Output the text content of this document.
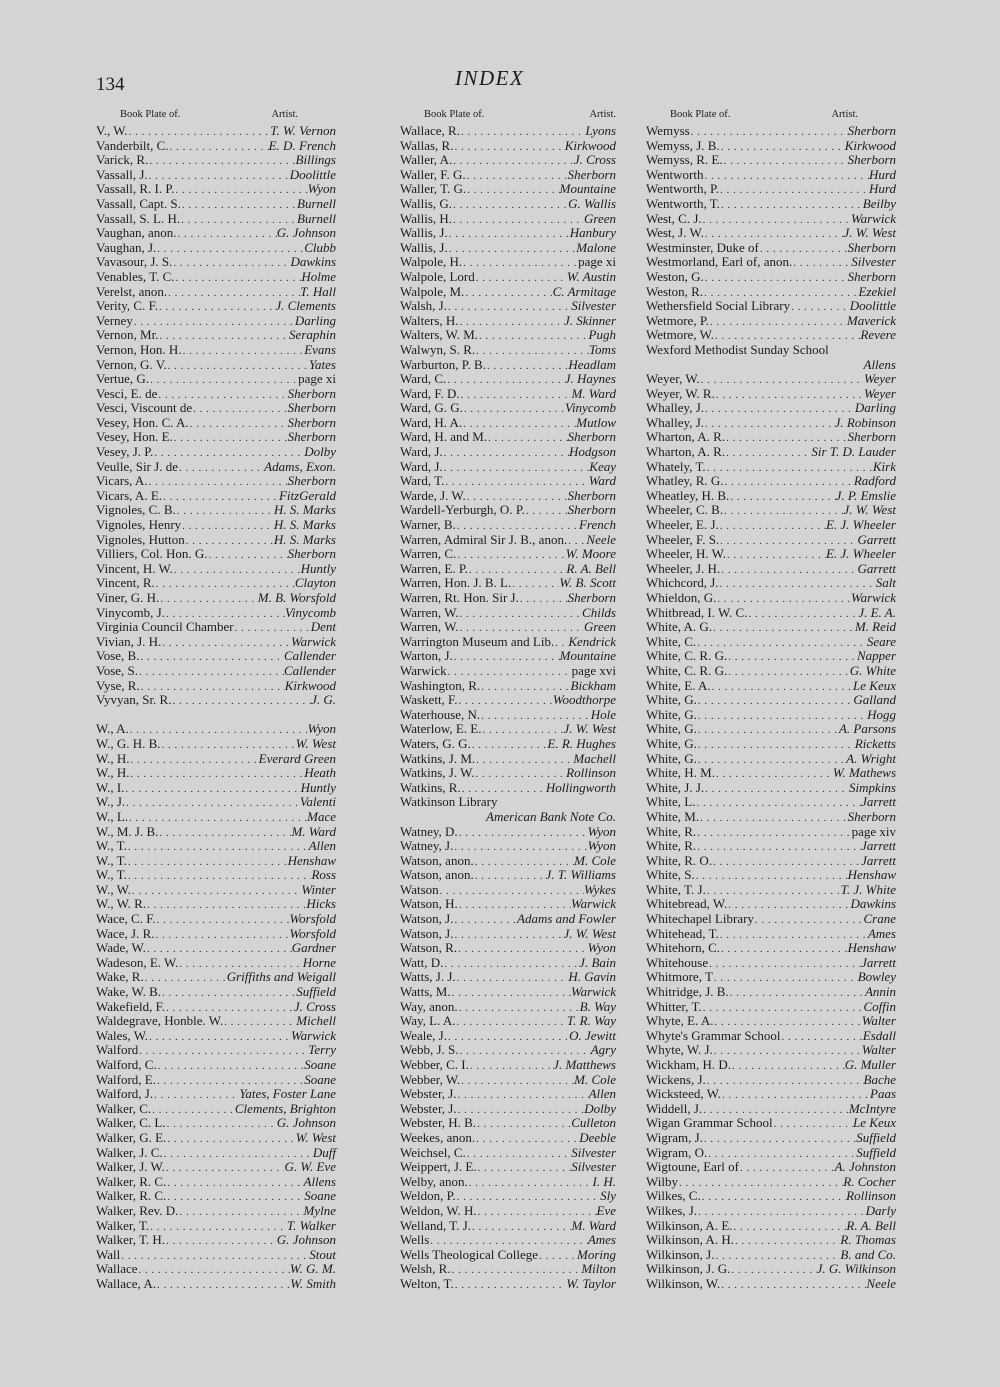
134	INDEX
Book Plate of.	Artist.
V., W. . . .	T. W. Vernon
Vanderbilt, C. . . .	E. D. French
Varick, R. . . .	Billings
Vassall, J. . . .	Doolittle
Vassall, R. I. P. . . .	Wyon
Vassall, Capt. S. . . .	Burnell
Vassall, S. L. H. . . .	Burnell
Vaughan, anon. . . .	G. Johnson
Vaughan, J. . . .	Clubb
Vavasour, J. S. . . .	Dawkins
Venables, T. C. . . .	Holme
Verelst, anon. . . .	T. Hall
Verity, C. F. . . .	J. Clements
Verney . . .	Darling
Vernon, Mr. . . .	Seraphin
Vernon, Hon. H. . . .	Evans
Vernon, G. V. . . .	Yates
Vertue, G. . . .	page xi
Vesci, E. de . . .	Sherborn
Vesci, Viscount de . . .	Sherborn
Vesey, Hon. C. A. . . .	Sherborn
Vesey, Hon. E. . . .	Sherborn
Vesey, J. P. . . .	Dolby
Veulle, Sir J. de . . .	Adams, Exon.
Vicars, A. . . .	Sherborn
Vicars, A. E. . . .	FitzGerald
Vignoles, C. B. . . .	H. S. Marks
Vignoles, Henry . . .	H. S. Marks
Vignoles, Hutton . . .	H. S. Marks
Villiers, Col. Hon. G. . . .	Sherborn
Vincent, H. W. . . .	Huntly
Vincent, R. . . .	Clayton
Viner, G. H. . . .	M. B. Worsfold
Vinycomb, J. . . .	Vinycomb
Virginia Council Chamber . . .	Dent
Vivian, J. H. . . .	Warwick
Vose, B. . . .	Callender
Vose, S. . . .	Callender
Vyse, R. . . .	Kirkwood
Vyvyan, Sr. R. . . .	J. G.
W., A. . . .	Wyon
W., G. H. B. . . .	W. West
W., H. . . .	Everard Green
W., H. . . .	Heath
W., I. . . .	Huntly
W., J. . . .	Valenti
W., L. . . .	Mace
W., M. J. B. . . .	M. Ward
W., T. . . .	Allen
W., T. . . .	Henshaw
W., T. . . .	Ross
W., W. . . .	Winter
W., W. R. . . .	Hicks
Wace, C. F. . . .	Worsfold
Wace, J. R. . . .	Worsfold
Wade, W. . . .	Gardner
Wadeson, E. W. . . .	Horne
Wake, R. . . .	Griffiths and Weigall
Wake, W. B. . . .	Suffield
Wakefield, F. . . .	J. Cross
Waldegrave, Honble. W. . . .	Michell
Wales, W. . . .	Warwick
Walford . . .	Terry
Walford, C. . . .	Soane
Walford, E. . . .	Soane
Walford, J. . . .	Yates, Foster Lane
Walker, C. . . .	Clements, Brighton
Walker, C. L. . . .	G. Johnson
Walker, G. E. . . .	W. West
Walker, J. C. . . .	Duff
Walker, J. W. . . .	G. W. Eve
Walker, R. C. . . .	Allens
Walker, R. C. . . .	Soane
Walker, Rev. D. . . .	Mylne
Walker, T. . . .	T. Walker
Walker, T. H. . . .	G. Johnson
Wall . . .	Stout
Wallace . . .	W. G. M.
Wallace, A. . . .	W. Smith
Book Plate of.	Artist.
Wallace, R. . . .	Lyons
Wallas, R. . . .	Kirkwood
Waller, A. . . .	J. Cross
Waller, F. G. . . .	Sherborn
Waller, T. G. . . .	Mountaine
Wallis, G. . . .	G. Wallis
Wallis, H. . . .	Green
Wallis, J. . . .	Hanbury
Wallis, J. . . .	Malone
Walpole, H. . . .	page xi
Walpole, Lord . . .	W. Austin
Walpole, M. . . .	C. Armitage
Walsh, J. . . .	Silvester
Walters, H. . . .	J. Skinner
Walters, W. M. . . .	Pugh
Walwyn, S. R. . . .	Toms
Warburton, P. B. . . .	Headlam
Ward, C. . . .	J. Haynes
Ward, F. D. . . .	M. Ward
Ward, G. G. . . .	Vinycomb
Ward, H. A. . . .	Mutlow
Ward, H. and M. . . .	Sherborn
Ward, J. . . .	Hodgson
Ward, J. . . .	Keay
Ward, T. . . .	Ward
Warde, J. W. . . .	Sherborn
Wardell-Yerburgh, O. P. . . .	Sherborn
Warner, B. . . .	French
Warren, Admiral Sir J. B., anon. . . . Neele
Warren, C. . . .	W. Moore
Warren, E. P. . . .	R. A. Bell
Warren, Hon. J. B. L. . . .	W. B. Scott
Warren, Rt. Hon. Sir J. . . .	Sherborn
Warren, W. . . .	Childs
Warren, W. . . .	Green
Warrington Museum and Lib. . . . Kendrick
Warton, J. . . .	Mountaine
Warwick . . .	page xvi
Washington, R. . . .	Bickham
Waskett, F. . . .	Woodthorpe
Waterhouse, N. . . .	Hole
Waterlow, E. E. . . .	J. W. West
Waters, G. G. . . .	E. R. Hughes
Watkins, J. M. . . .	Machell
Watkins, J. W. . . .	Rollinson
Watkins, R. . . .	Hollingworth
Watkinson Library
American Bank Note Co.
Watney, D. . . .	Wyon
Watney, J. . . .	Wyon
Watson, anon. . . .	M. Cole
Watson, anon. . . .	J. T. Williams
Watson . . .	Wykes
Watson, H. . . .	Warwick
Watson, J. . . .	Adams and Fowler
Watson, J. . . .	J. W. West
Watson, R. . . .	Wyon
Watt, D. . . .	J. Bain
Watts, J. J. . . .	H. Gavin
Watts, M. . . .	Warwick
Way, anon. . . .	B. Way
Way, L. A. . . .	T. R. Way
Weale, J. . . .	O. Jewitt
Webb, J. S. . . .	Agry
Webber, C. I. . . .	J. Matthews
Webber, W. . . .	M. Cole
Webster, J. . . .	Allen
Webster, J. . . .	Dolby
Webster, H. B. . . .	Culleton
Weekes, anon. . . .	Deeble
Weichsel, C. . . .	Silvester
Weippert, J. E. . . .	Silvester
Welby, anon. . . .	I. H.
Weldon, P. . . .	Sly
Weldon, W. H. . . .	Eve
Welland, T. J. . . .	M. Ward
Wells . . .	Ames
Wells Theological College . . .	Moring
Welsh, R. . . .	Milton
Welton, T. . . .	W. Taylor
Book Plate of.	Artist.
Wemyss . . .	Sherborn
Wemyss, J. B. . . .	Kirkwood
Wemyss, R. E. . . .	Sherborn
Wentworth . . .	Hurd
Wentworth, P. . . .	Hurd
Wentworth, T. . . .	Beilby
West, C. J. . . .	Warwick
West, J. W. . . .	J. W. West
Westminster, Duke of . . .	Sherborn
Westmorland, Earl of, anon. . . .	Silvester
Weston, G. . . .	Sherborn
Weston, R. . . .	Ezekiel
Wethersfield Social Library . . .	Doolittle
Wetmore, P. . . .	Maverick
Wetmore, W. . . .	Revere
Wexford Methodist Sunday School
Allens
Weyer, W. . . .	Weyer
Weyer, W. R. . . .	Weyer
Whalley, J. . . .	Darling
Whalley, J. . . .	J. Robinson
Wharton, A. R. . . .	Sherborn
Wharton, A. R. . . .	Sir T. D. Lauder
Whately, T. . . .	Kirk
Whatley, R. G. . . .	Radford
Wheatley, H. B. . . .	J. P. Emslie
Wheeler, C. B. . . .	J. W. West
Wheeler, E. J. . . .	E. J. Wheeler
Wheeler, F. S. . . .	Garrett
Wheeler, H. W. . . .	E. J. Wheeler
Wheeler, J. H. . . .	Garrett
Whichcord, J. . . .	Salt
Whieldon, G. . . .	Warwick
Whitbread, I. W. C. . . .	J. E. A.
White, A. G. . . .	M. Reid
White, C. . . .	Seare
White, C. R. G. . . .	Napper
White, C. R. G. . . .	G. White
White, E. A. . . .	Le Keux
White, G. . . .	Galland
White, G. . . .	Hogg
White, G. . . .	A. Parsons
White, G. . . .	Ricketts
White, G. . . .	A. Wright
White, H. M. . . .	W. Mathews
White, J. J. . . .	Simpkins
White, L. . . .	Jarrett
White, M. . . .	Sherborn
White, R. . . .	page xiv
White, R. . . .	Jarrett
White, R. O. . . .	Jarrett
White, S. . . .	Henshaw
White, T. J. . . .	T. J. White
Whitebread, W. . . .	Dawkins
Whitechapel Library . . .	Crane
Whitehead, T. . . .	Ames
Whitehorn, C. . . .	Henshaw
Whitehouse . . .	Jarrett
Whitmore, T . . .	Bowley
Whitridge, J. B. . . .	Annin
Whitter, T. . . .	Coffin
Whyte, E. A. . . .	Walter
Whyte's Grammar School . . .	Esdall
Whyte, W. J. . . .	Walter
Wickham, H. D. . . .	G. Muller
Wickens, J. . . .	Bache
Wicksteed, W. . . .	Paas
Widdell, J. . . .	McIntyre
Wigan Grammar School . . .	Le Keux
Wigram, J. . . .	Suffield
Wigram, O. . . .	Suffield
Wigtoune, Earl of . . .	A. Johnston
Wilby . . .	R. Cocher
Wilkes, C. . . .	Rollinson
Wilkes, J. . . .	Darly
Wilkinson, A. E. . . .	R. A. Bell
Wilkinson, A. H. . . .	R. Thomas
Wilkinson, J. . . .	B. and Co.
Wilkinson, J. G. . . .	J. G. Wilkinson
Wilkinson, W. . . .	Neele
